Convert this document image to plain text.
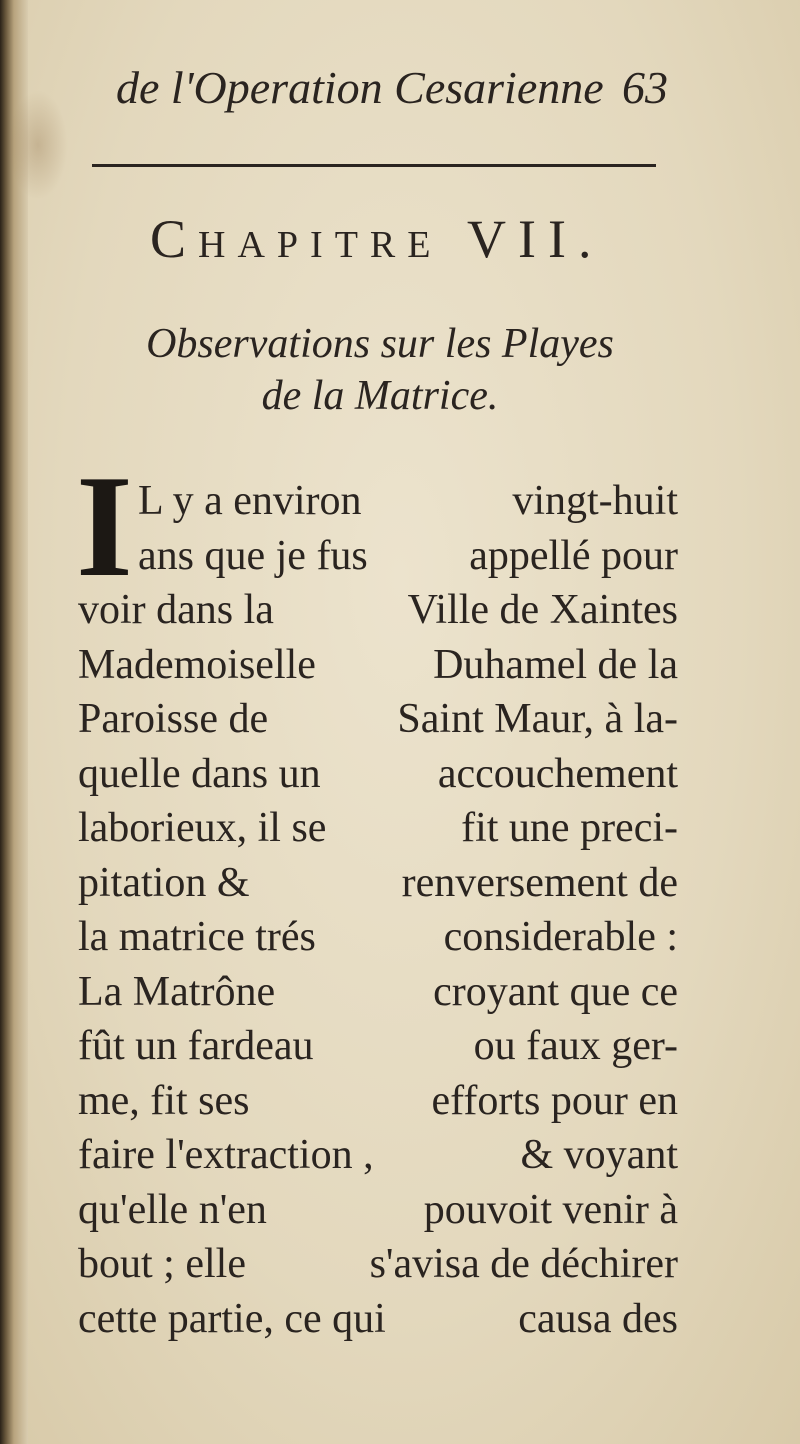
de l'Operation Cesarienne 63
Chapitre VII.
Observations sur les Playes
de la Matrice.
I L y a environ	vingt-huit
ans que je fus appellé pour
voir dans la	Ville de Xaintes
Mademoiselle	Duhamel de la
Paroisse de	Saint Maur, à la-
quelle dans un	accouchement
laborieux, il se	fit une preci-
pitation &	renversement de
la matrice trés	considerable :
La Matrône	croyant que ce
fût un fardeau	ou faux ger-
me, fit ses	efforts pour en
faire l'extraction ,	& voyant
qu'elle n'en	pouvoit venir à
bout ; elle	s'avisa de déchirer
cette partie, ce qui	causa des
